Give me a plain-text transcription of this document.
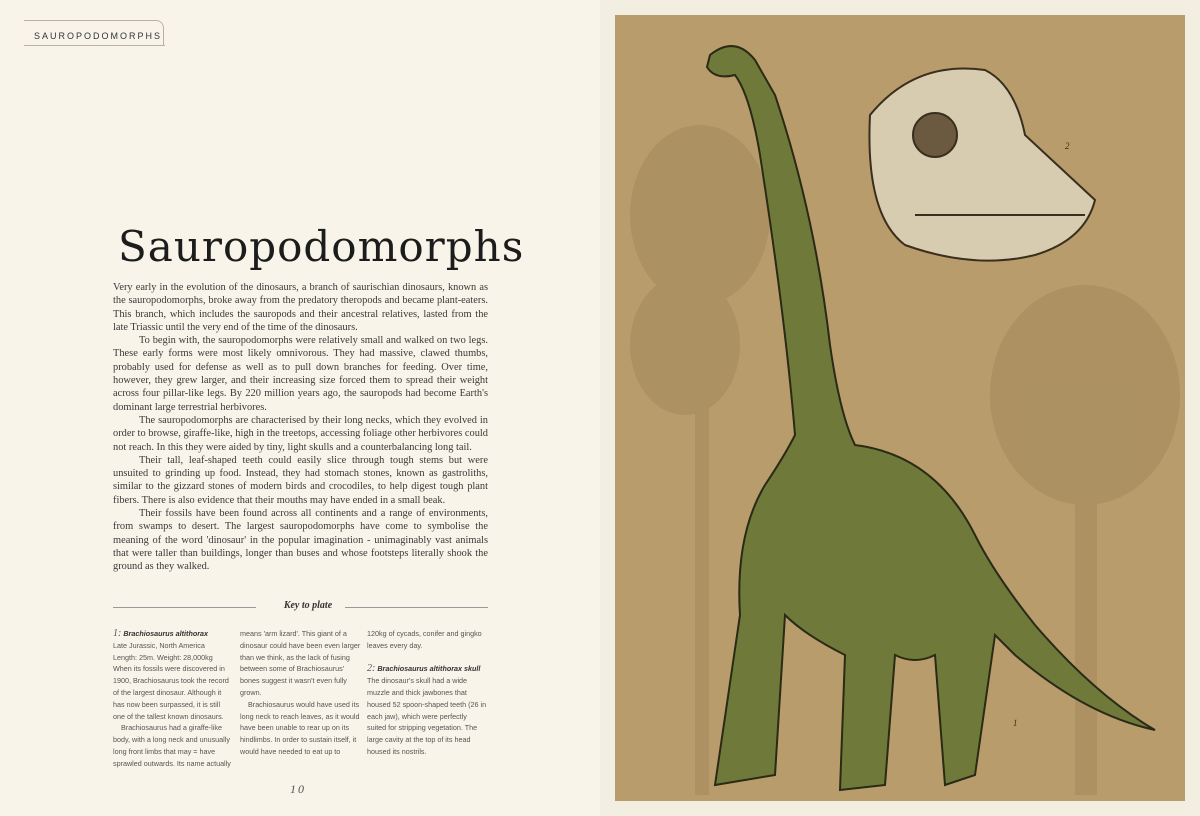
SAUROPODOMORPHS
Sauropodomorphs

Very early in the evolution of the dinosaurs, a branch of saurischian dinosaurs, known as the sauropodomorphs, broke away from the predatory theropods and became plant-eaters. This branch, which includes the sauropods and their ancestral relatives, lasted from the late Triassic until the very end of the time of the dinosaurs.

To begin with, the sauropodomorphs were relatively small and walked on two legs. These early forms were most likely omnivorous. They had massive, clawed thumbs, probably used for defense as well as to pull down branches for feeding. Over time, however, they grew larger, and their increasing size forced them to spread their weight across four pillar-like legs. By 220 million years ago, the sauropods had become Earth's dominant large terrestrial herbivores.

The sauropodomorphs are characterised by their long necks, which they evolved in order to browse, giraffe-like, high in the treetops, accessing foliage other herbivores could not reach. In this they were aided by tiny, light skulls and a counterbalancing long tail.

Their tall, leaf-shaped teeth could easily slice through tough stems but were unsuited to grinding up food. Instead, they had stomach stones, known as gastroliths, similar to the gizzard stones of modern birds and crocodiles, to help digest tough plant fibers. There is also evidence that their mouths may have ended in a small beak.

Their fossils have been found across all continents and a range of environments, from swamps to desert. The largest sauropodomorphs have come to symbolise the meaning of the word 'dinosaur' in the popular imagination - unimaginably vast animals that were taller than buildings, longer than buses and whose footsteps literally shook the ground as they walked.

Key to plate

1: Brachiosaurus altithorax

Late Jurassic, North America

Length: 25m. Weight: 28,000kg

When its fossils were discovered in 1900, Brachiosaurus took the record of the largest dinosaur. Although it has now been surpassed, it is still one of the tallest known dinosaurs.

Brachiosaurus had a giraffe-like body, with a long neck and unusually long front limbs that may = have sprawled outwards. Its name actually means 'arm lizard'. This giant of a dinosaur could have been even larger than we think, as the lack of fusing between some of Brachiosaurus' bones suggest it wasn't even fully grown.

Brachiosaurus would have used its long neck to reach leaves, as it would have been unable to rear up on its hindlimbs. In order to sustain itself, it would have needed to eat up to 120kg of cycads, conifer and gingko leaves every day.

2: Brachiosaurus altithorax skull

The dinosaur's skull had a wide muzzle and thick jawbones that housed 52 spoon-shaped teeth (26 in each jaw), which were perfectly suited for stripping vegetation. The large cavity at the top of its head housed its nostrils.

10
2
1
